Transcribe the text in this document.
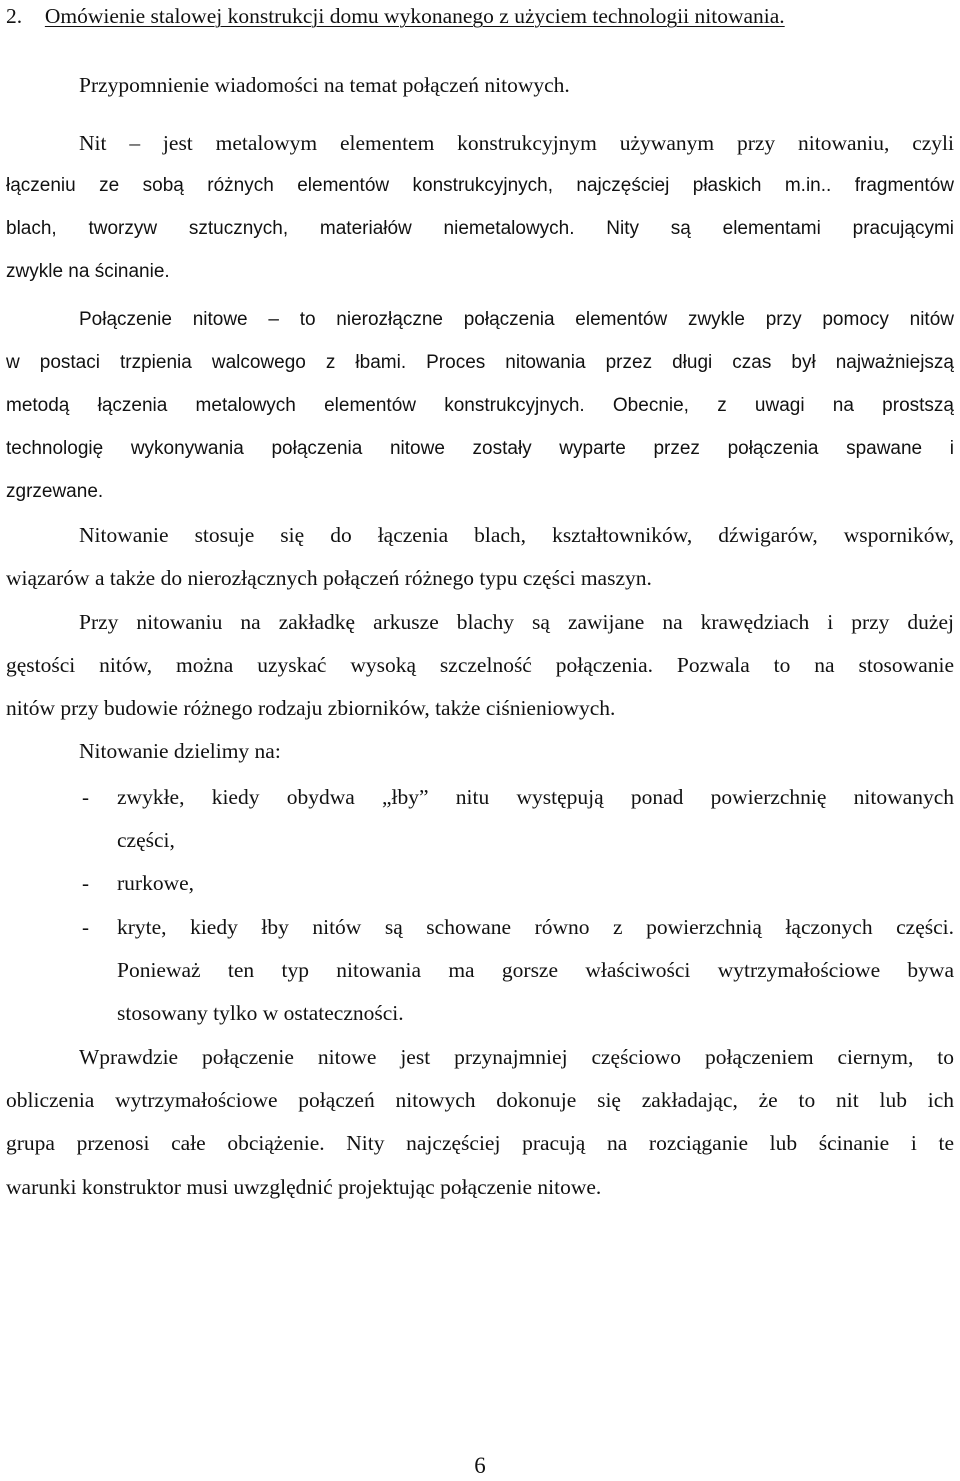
2. Omówienie stalowej konstrukcji domu wykonanego z użyciem technologii nitowania.
Przypomnienie wiadomości na temat połączeń nitowych.
Nit – jest metalowym elementem konstrukcyjnym używanym przy nitowaniu, czyli
łączeniu ze sobą różnych elementów konstrukcyjnych, najczęściej płaskich m.in.. fragmentów
blach, tworzyw sztucznych, materiałów niemetalowych. Nity są elementami pracującymi
zwykle na ścinanie.
Połączenie nitowe – to nierozłączne połączenia elementów zwykle przy pomocy nitów
w postaci trzpienia walcowego z łbami. Proces nitowania przez długi czas był najważniejszą
metodą łączenia metalowych elementów konstrukcyjnych. Obecnie, z uwagi na prostszą
technologię wykonywania połączenia nitowe zostały wyparte przez połączenia spawane i
zgrzewane.
Nitowanie stosuje się do łączenia blach, kształtowników, dźwigarów, wsporników,
wiązarów a także do nierozłącznych połączeń różnego typu części maszyn.
Przy nitowaniu na zakładkę arkusze blachy są zawijane na krawędziach i przy dużej
gęstości nitów, można uzyskać wysoką szczelność połączenia. Pozwala to na stosowanie
nitów przy budowie różnego rodzaju zbiorników, także ciśnieniowych.
Nitowanie dzielimy na:
- zwykłe, kiedy obydwa „łby” nitu występują ponad powierzchnię nitowanych
części,
- rurkowe,
- kryte, kiedy łby nitów są schowane równo z powierzchnią łączonych części.
Ponieważ ten typ nitowania ma gorsze właściwości wytrzymałościowe bywa
stosowany tylko w ostateczności.
Wprawdzie połączenie nitowe jest przynajmniej częściowo połączeniem ciernym, to
obliczenia wytrzymałościowe połączeń nitowych dokonuje się zakładając, że to nit lub ich
grupa przenosi całe obciążenie. Nity najczęściej pracują na rozciąganie lub ścinanie i te
warunki konstruktor musi uwzględnić projektując połączenie nitowe.
6
